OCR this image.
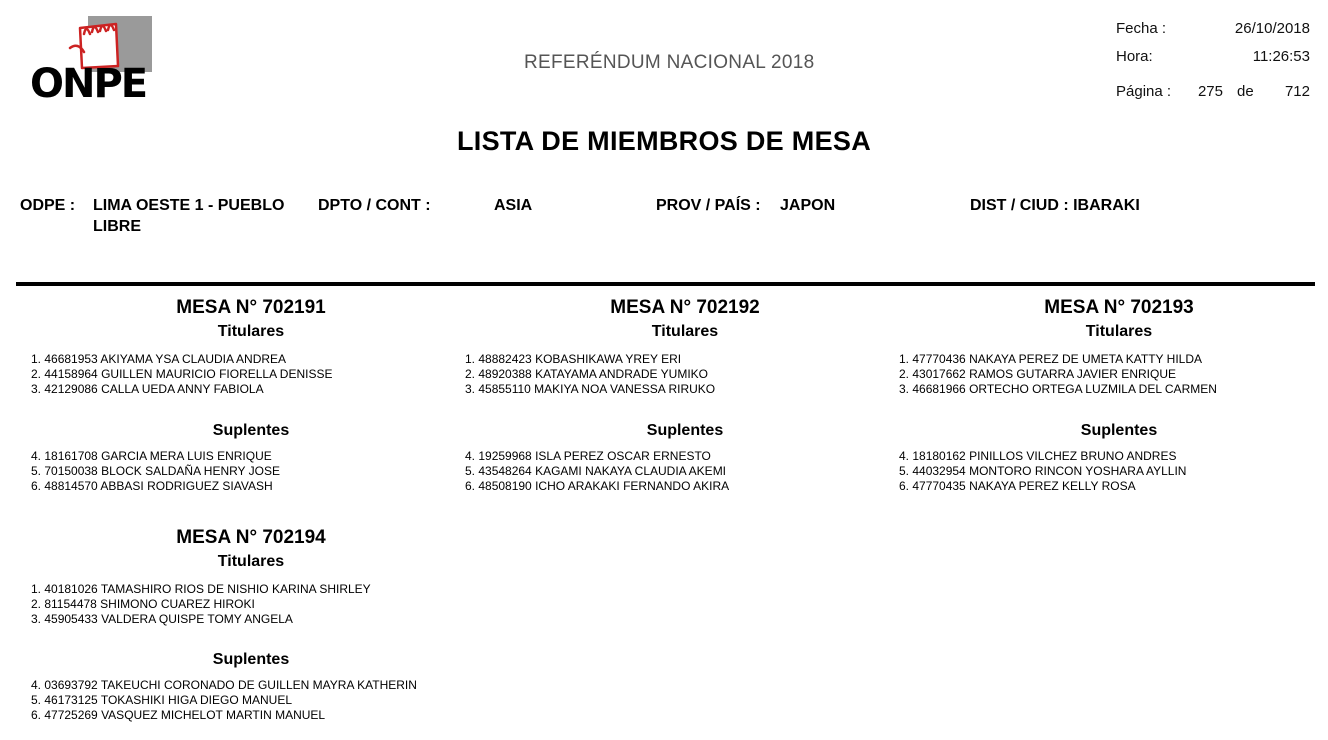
ONPE	REFERÉNDUM NACIONAL 2018
Fecha :	26/10/2018
Hora:	11:26:53
Página :	275 de	712
LISTA DE MIEMBROS DE MESA
ODPE : LIMA OESTE 1 - PUEBLO
LIBRE
DPTO / CONT :	ASIA	PROV / PAÍS : JAPON	DIST / CIUD : IBARAKI
MESA N° 702191
Titulares
1. 46681953 AKIYAMA YSA CLAUDIA ANDREA
2. 44158964 GUILLEN MAURICIO FIORELLA DENISSE
3. 42129086 CALLA UEDA ANNY FABIOLA
Suplentes
4. 18161708 GARCIA MERA LUIS ENRIQUE
5. 70150038 BLOCK SALDAÑA HENRY JOSE
6. 48814570 ABBASI RODRIGUEZ SIAVASH
MESA N° 702192
Titulares
1. 48882423 KOBASHIKAWA YREY ERI
2. 48920388 KATAYAMA ANDRADE YUMIKO
3. 45855110 MAKIYA NOA VANESSA RIRUKO
Suplentes
4. 19259968 ISLA PEREZ OSCAR ERNESTO
5. 43548264 KAGAMI NAKAYA CLAUDIA AKEMI
6. 48508190 ICHO ARAKAKI FERNANDO AKIRA
MESA N° 702193
Titulares
1. 47770436 NAKAYA PEREZ DE UMETA KATTY HILDA
2. 43017662 RAMOS GUTARRA JAVIER ENRIQUE
3. 46681966 ORTECHO ORTEGA LUZMILA DEL CARMEN
Suplentes
4. 18180162 PINILLOS VILCHEZ BRUNO ANDRES
5. 44032954 MONTORO RINCON YOSHARA AYLLIN
6. 47770435 NAKAYA PEREZ KELLY ROSA
MESA N° 702194
Titulares
1. 40181026 TAMASHIRO RIOS DE NISHIO KARINA SHIRLEY
2. 81154478 SHIMONO CUAREZ HIROKI
3. 45905433 VALDERA QUISPE TOMY ANGELA
Suplentes
4. 03693792 TAKEUCHI CORONADO DE GUILLEN MAYRA KATHERIN
5. 46173125 TOKASHIKI HIGA DIEGO MANUEL
6. 47725269 VASQUEZ MICHELOT MARTIN MANUEL
